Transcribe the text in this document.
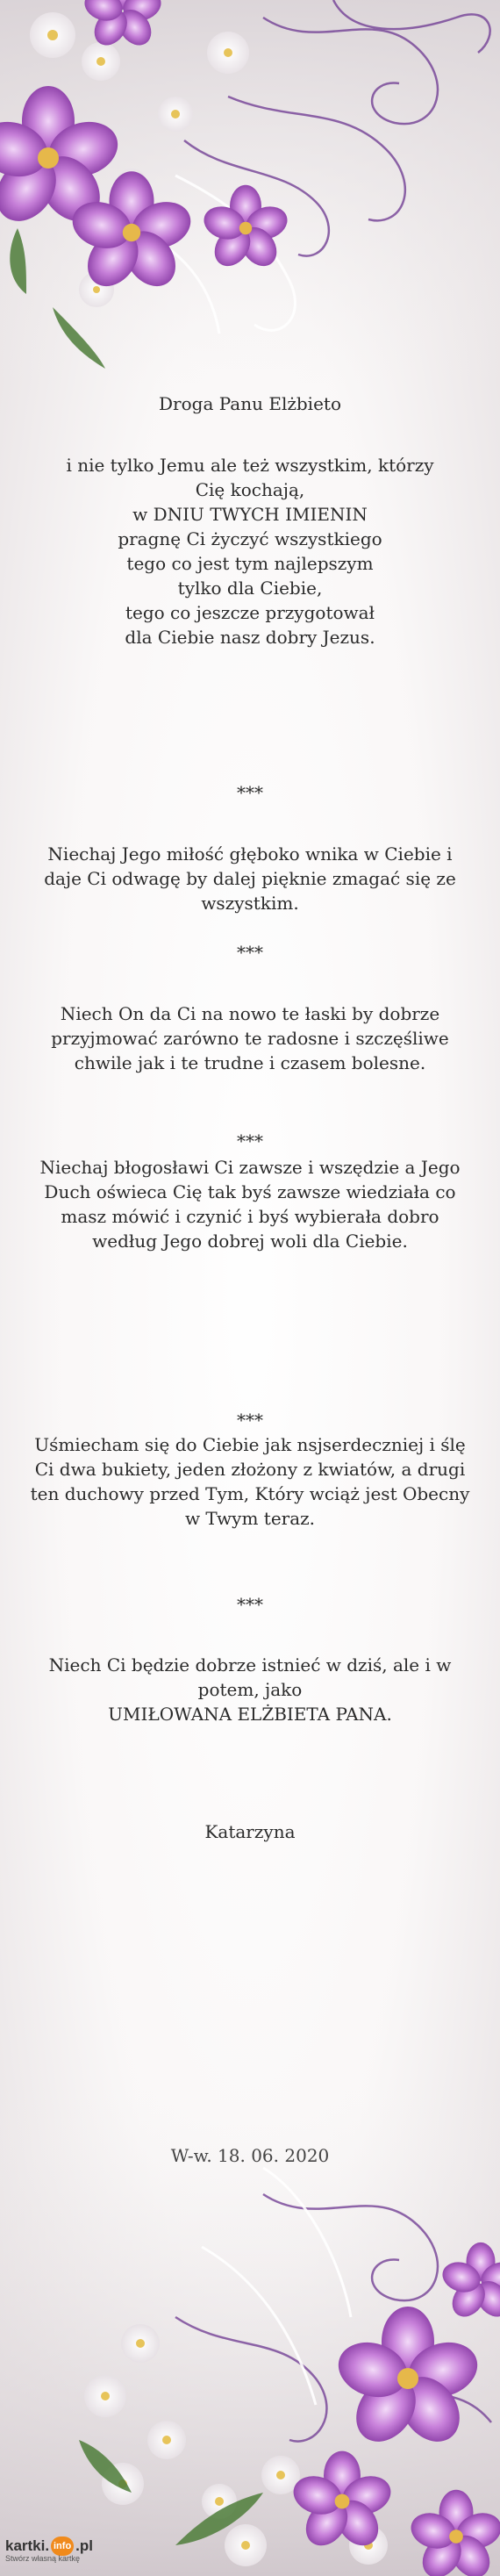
Droga Panu Elżbieto
i nie tylko Jemu ale też wszystkim, którzy Cię kochają,
w DNIU TWYCH IMIENIN
pragnę Ci życzyć wszystkiego
tego co jest tym najlepszym
tylko dla Ciebie,
tego co jeszcze przygotował
dla Ciebie nasz dobry Jezus.
***
Niechaj Jego miłość głęboko wnika w Ciebie i daje Ci odwagę by dalej pięknie zmagać się ze wszystkim.
***
Niech On da Ci na nowo te łaski by dobrze przyjmować zarówno te radosne i szczęśliwe chwile jak i te trudne i czasem bolesne.
***
Niechaj błogosławi Ci zawsze i wszędzie a Jego Duch oświeca Cię tak byś zawsze wiedziała co masz mówić i czynić i byś wybierała dobro według Jego dobrej woli dla Ciebie.
***
Uśmiecham się do Ciebie jak nsjserdeczniej i ślę Ci dwa bukiety, jeden złożony z kwiatów, a drugi ten duchowy przed Tym, Który wciąż jest Obecny w Twym teraz.
***
Niech Ci będzie dobrze istnieć w dziś, ale i w potem, jako
UMIŁOWANA ELŻBIETA PANA.
Katarzyna
kartki. info .pl
Stwórz własną kartkę
